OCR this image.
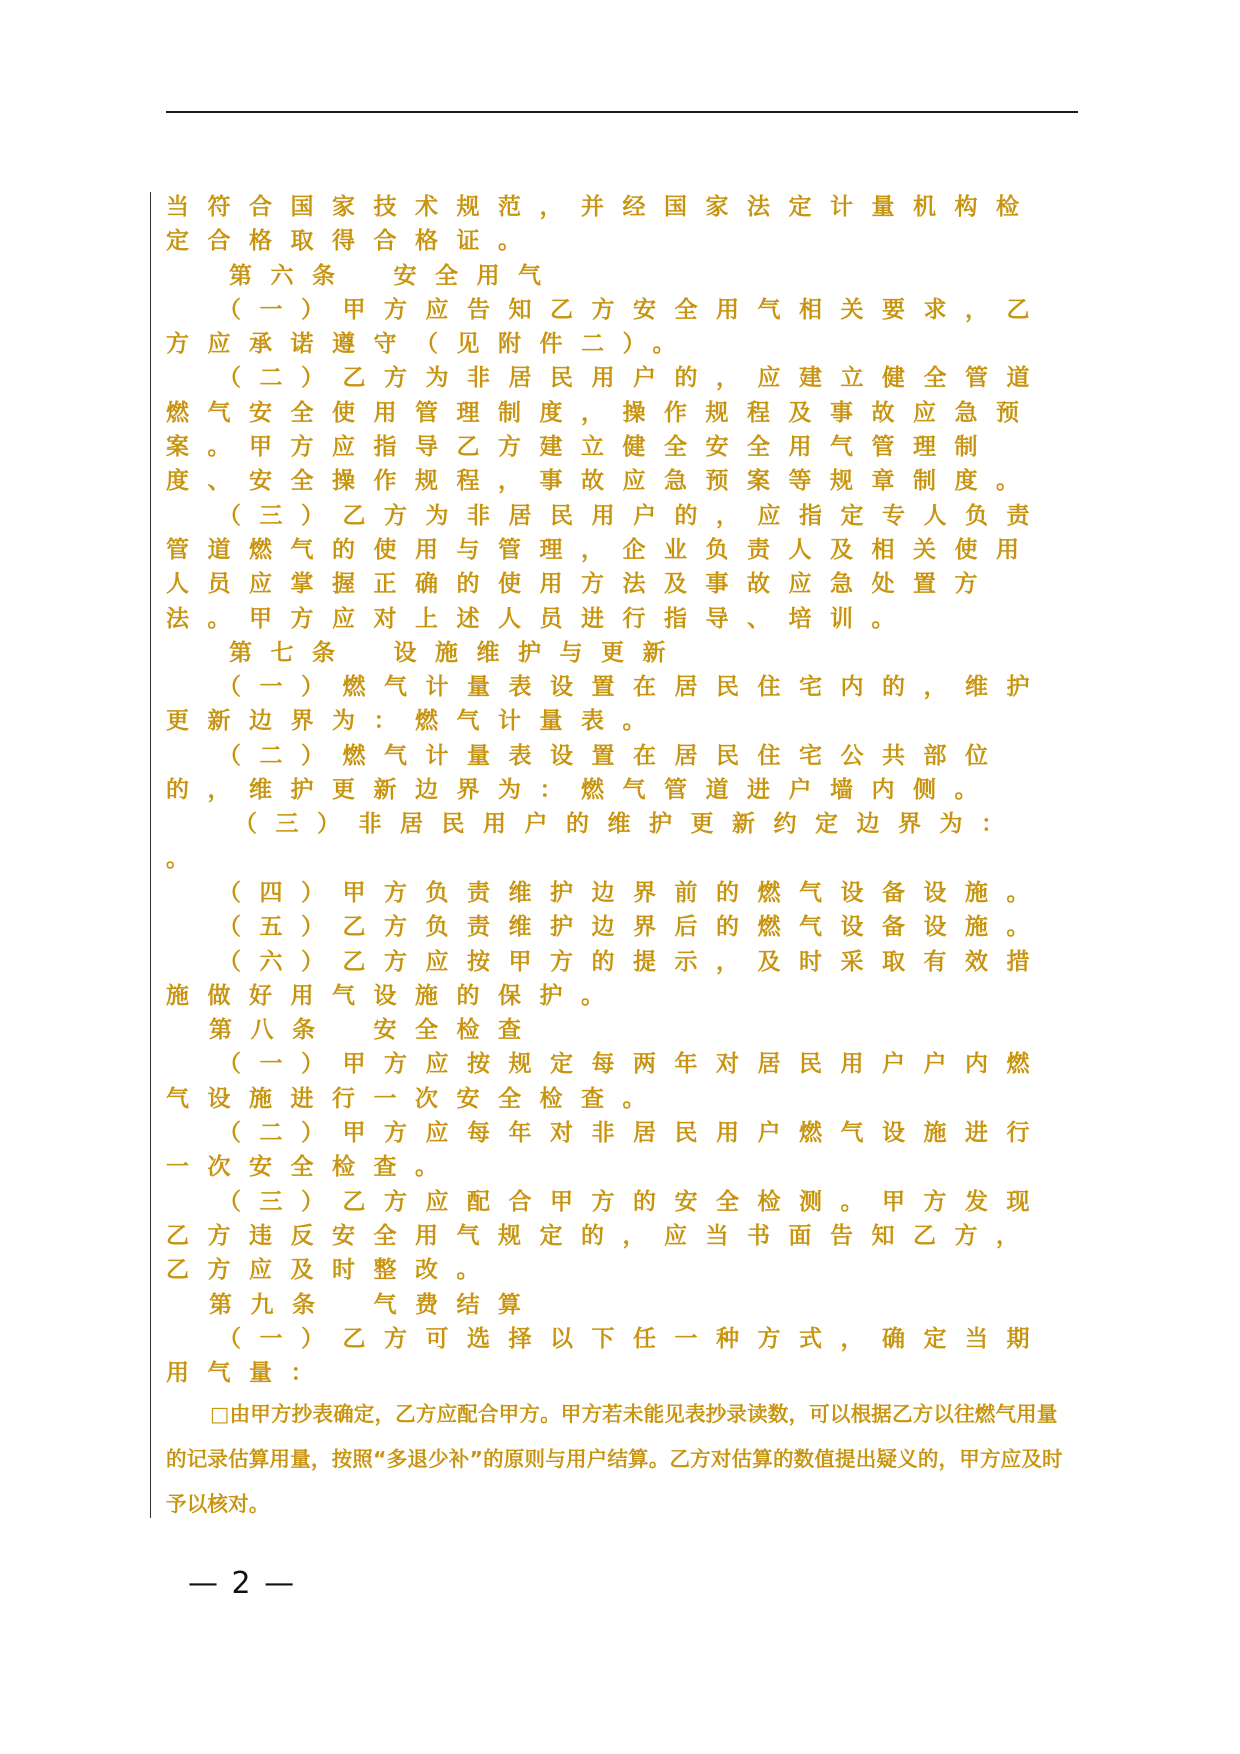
当符合国家技术规范，并经国家法定计量机构检定合格取得合格证。

第六条 安全用气

（一）甲方应告知乙方安全用气相关要求，乙方应承诺遵守（见附件二）。

（二）乙方为非居民用户的，应建立健全管道燃气安全使用管理制度，操作规程及事故应急预案。甲方应指导乙方建立健全安全用气管理制度、安全操作规程，事故应急预案等规章制度。

（三）乙方为非居民用户的，应指定专人负责管道燃气的使用与管理，企业负责人及相关使用人员应掌握正确的使用方法及事故应急处置方法。甲方应对上述人员进行指导、培训。

第七条 设施维护与更新

（一）燃气计量表设置在居民住宅内的，维护更新边界为：燃气计量表。

（二）燃气计量表设置在居民住宅公共部位的，维护更新边界为：燃气管道进户墙内侧。

（三）非居民用户的维护更新约定边界为：

。

（四）甲方负责维护边界前的燃气设备设施。

（五）乙方负责维护边界后的燃气设备设施。

（六）乙方应按甲方的提示，及时采取有效措施做好用气设施的保护。

第八条 安全检查

（一）甲方应按规定每两年对居民用户户内燃气设施进行一次安全检查。

（二）甲方应每年对非居民用户燃气设施进行一次安全检查。

（三）乙方应配合甲方的安全检测。甲方发现乙方违反安全用气规定的，应当书面告知乙方，乙方应及时整改。

第九条 气费结算

（一）乙方可选择以下任一种方式，确定当期用气量：

□由甲方抄表确定，乙方应配合甲方。甲方若未能见表抄录读数，可以根据乙方以往燃气用量的记录估算用量，按照“多退少补”的原则与用户结算。乙方对估算的数值提出疑义的，甲方应及时予以核对。

— 2 —
